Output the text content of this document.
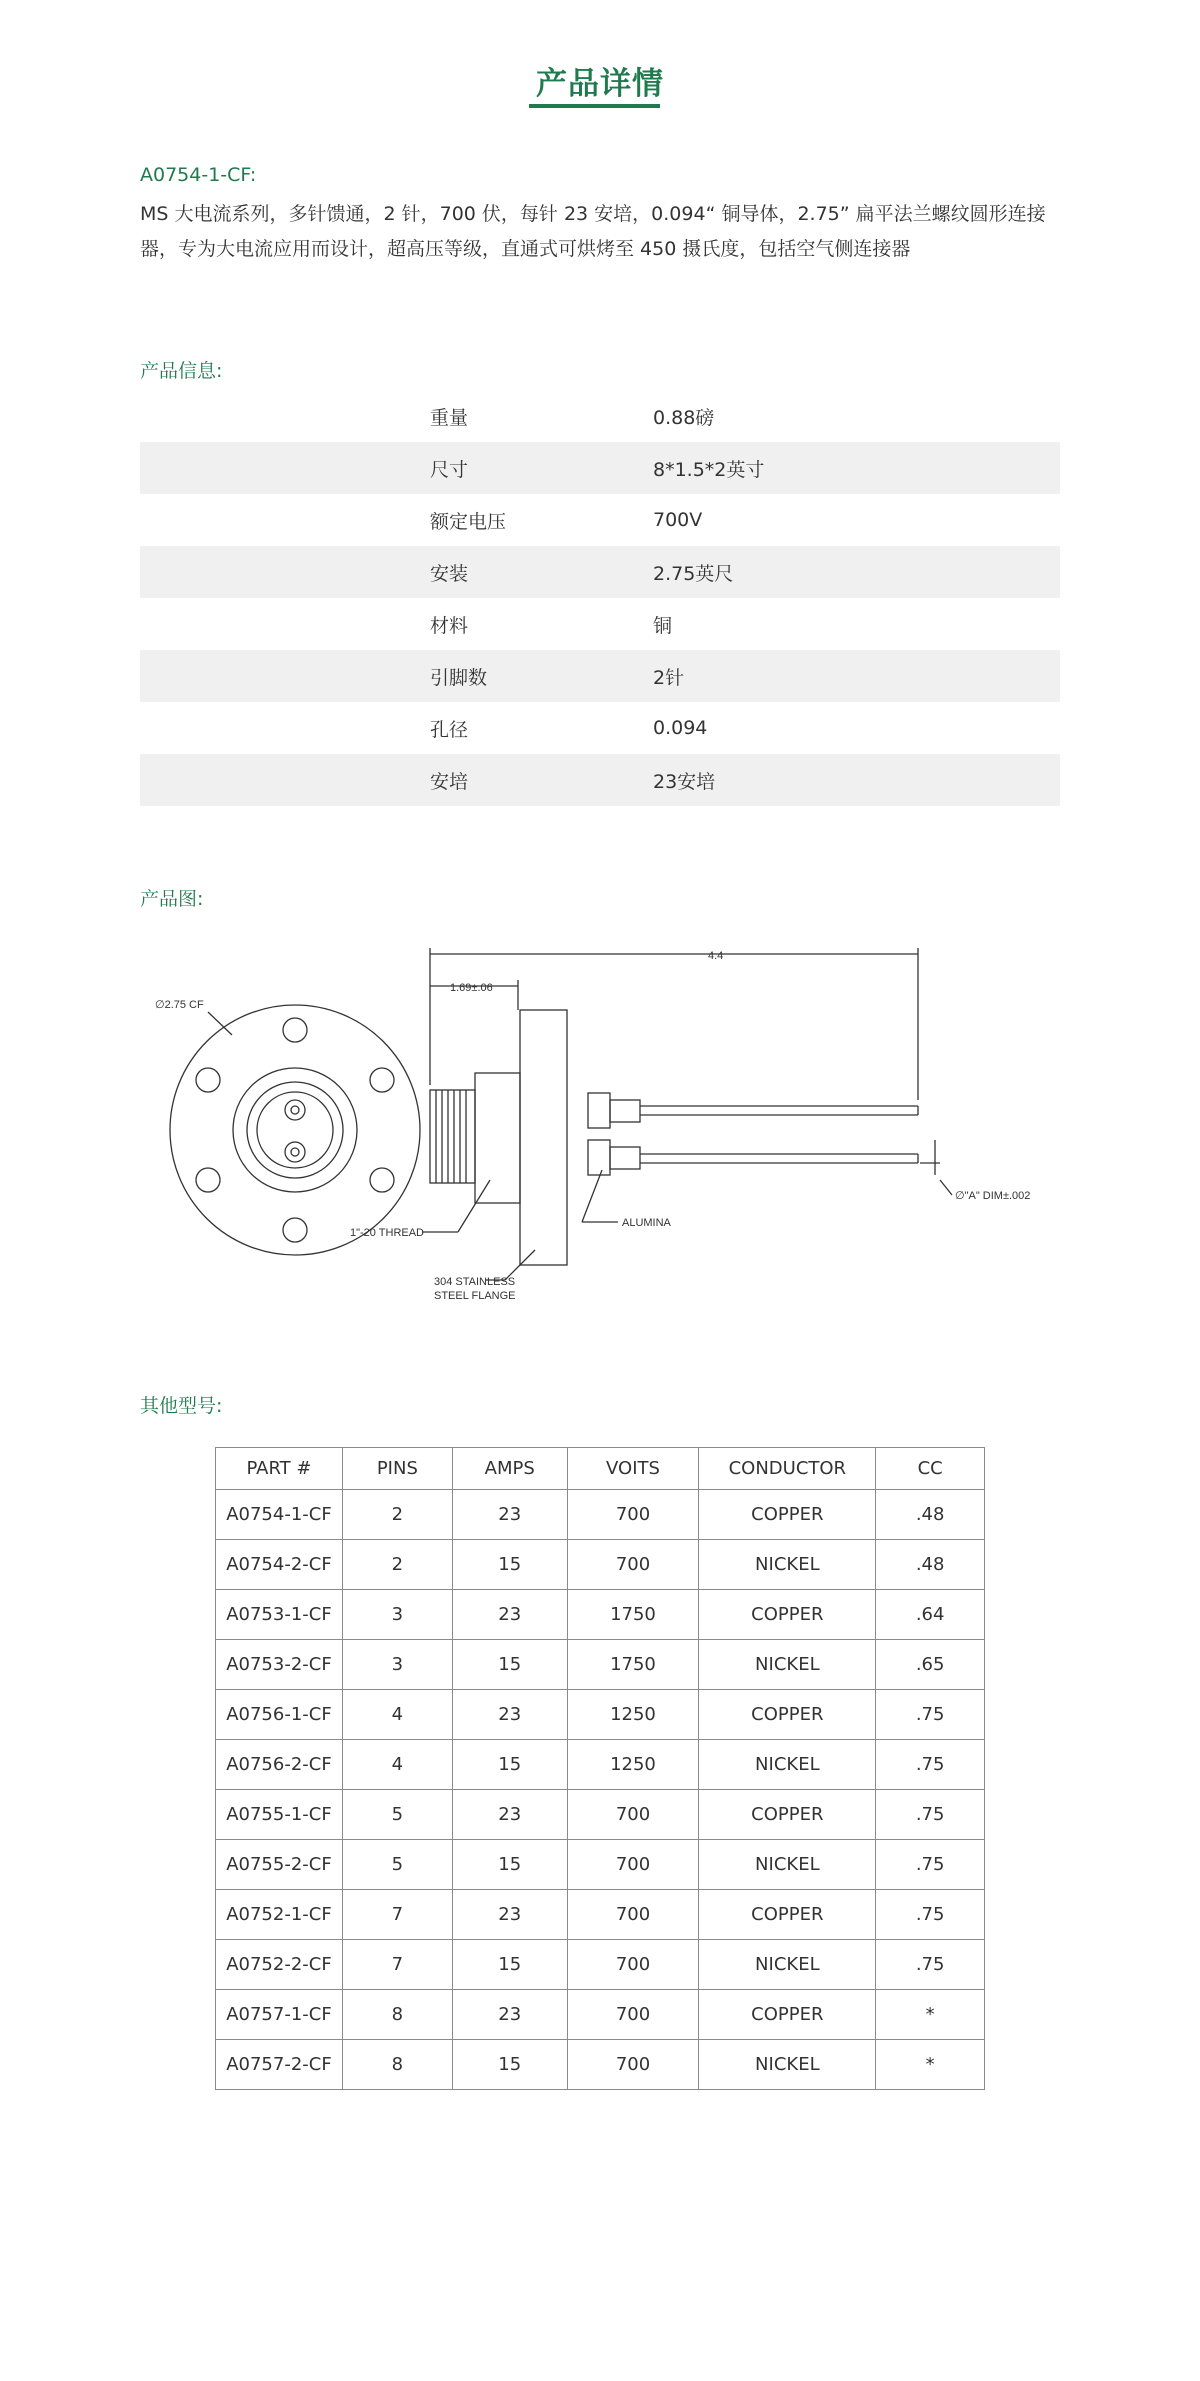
产品详情
A0754-1-CF:
MS 大电流系列，多针馈通，2 针，700 伏，每针 23 安培，0.094“ 铜导体，2.75” 扁平法兰螺纹圆形连接器，专为大电流应用而设计，超高压等级，直通式可烘烤至 450 摄氏度，包括空气侧连接器
产品信息:
重量	0.88磅
尺寸	8*1.5*2英寸
额定电压	700V
安装	2.75英尺
材料	铜
引脚数	2针
孔径	0.094
安培	23安培
产品图:
∅2.75 CF
4.4
1.69±.06
1"-20 THREAD
304 STAINLESS
STEEL FLANGE
ALUMINA
∅"A" DIM±.002
其他型号:
PART #	PINS	AMPS	VOITS	CONDUCTOR	CC
A0754-1-CF	2	23	700	COPPER	.48
A0754-2-CF	2	15	700	NICKEL	.48
A0753-1-CF	3	23	1750	COPPER	.64
A0753-2-CF	3	15	1750	NICKEL	.65
A0756-1-CF	4	23	1250	COPPER	.75
A0756-2-CF	4	15	1250	NICKEL	.75
A0755-1-CF	5	23	700	COPPER	.75
A0755-2-CF	5	15	700	NICKEL	.75
A0752-1-CF	7	23	700	COPPER	.75
A0752-2-CF	7	15	700	NICKEL	.75
A0757-1-CF	8	23	700	COPPER	*
A0757-2-CF	8	15	700	NICKEL	*
